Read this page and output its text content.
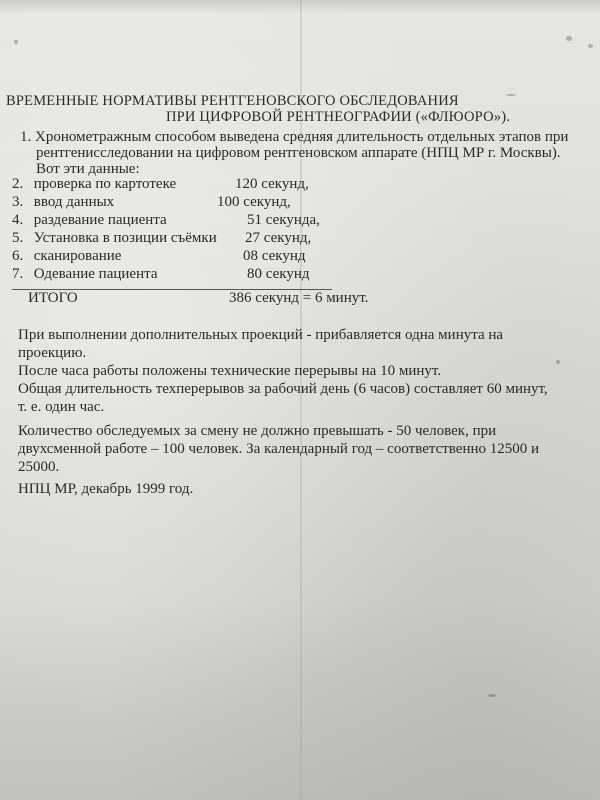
ВРЕМЕННЫЕ НОРМАТИВЫ РЕНТГЕНОВСКОГО ОБСЛЕДОВАНИЯ
ПРИ ЦИФРОВОЙ РЕНТНЕОГРАФИИ («ФЛЮОРО»).
1. Хронометражным способом выведена средняя длительность отдельных этапов при
рентгенисследовании на цифровом рентгеновском аппарате (НПЦ МР г. Москвы).
Вот эти данные:
2. проверка по картотеке	120 секунд,
3. ввод данных	100 секунд,
4. раздевание пациента	51 секунда,
5. Установка в позиции съёмки 27 секунд,
6. сканирование	08 секунд
7. Одевание пациента	80 секунд
ИТОГО	386 секунд = 6 минут.
При выполнении дополнительных проекций - прибавляется одна минута на
проекцию.
После часа работы положены технические перерывы на 10 минут.
Общая длительность техперерывов за рабочий день (6 часов) составляет 60 минут,
т. е. один час.
Количество обследуемых за смену не должно превышать - 50 человек, при
двухсменной работе – 100 человек. За календарный год – соответственно 12500 и
25000.
НПЦ МР, декабрь 1999 год.
